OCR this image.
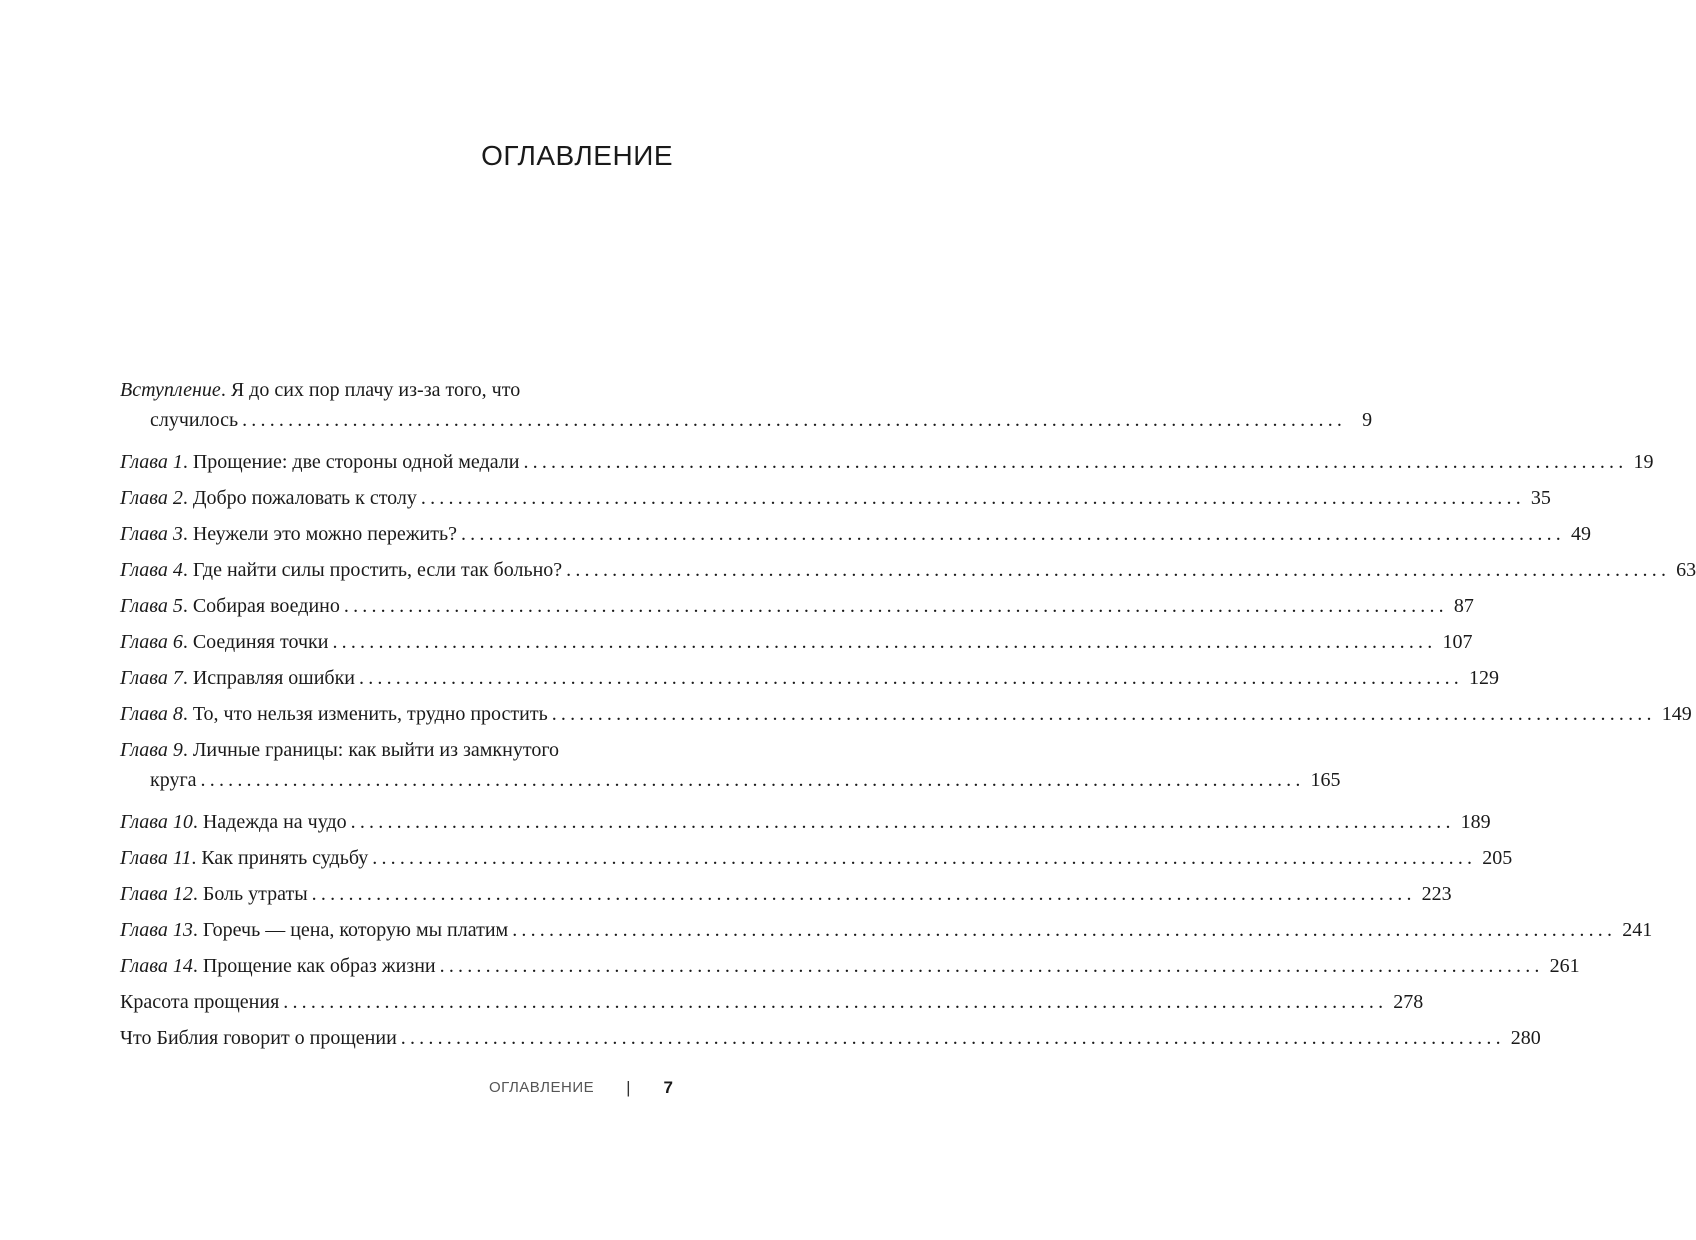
ОГЛАВЛЕНИЕ
Вступление. Я до сих пор плачу из-за того, что
случилось ........................................................................................................................ 9
Глава 1. Прощение: две стороны одной медали ........................................................................................................................ 19
Глава 2. Добро пожаловать к столу ........................................................................................................................ 35
Глава 3. Неужели это можно пережить? ........................................................................................................................ 49
Глава 4. Где найти силы простить, если так больно? ........................................................................................................................ 63
Глава 5. Собирая воедино ........................................................................................................................ 87
Глава 6. Соединяя точки ........................................................................................................................ 107
Глава 7. Исправляя ошибки ........................................................................................................................ 129
Глава 8. То, что нельзя изменить, трудно простить ........................................................................................................................ 149
Глава 9. Личные границы: как выйти из замкнутого
круга ........................................................................................................................ 165
Глава 10. Надежда на чудо ........................................................................................................................ 189
Глава 11. Как принять судьбу ........................................................................................................................ 205
Глава 12. Боль утраты ........................................................................................................................ 223
Глава 13. Горечь — цена, которую мы платим ........................................................................................................................ 241
Глава 14. Прощение как образ жизни ........................................................................................................................ 261
Красота прощения ........................................................................................................................ 278
Что Библия говорит о прощении ........................................................................................................................ 280
ОГЛАВЛЕНИЕ | 7
